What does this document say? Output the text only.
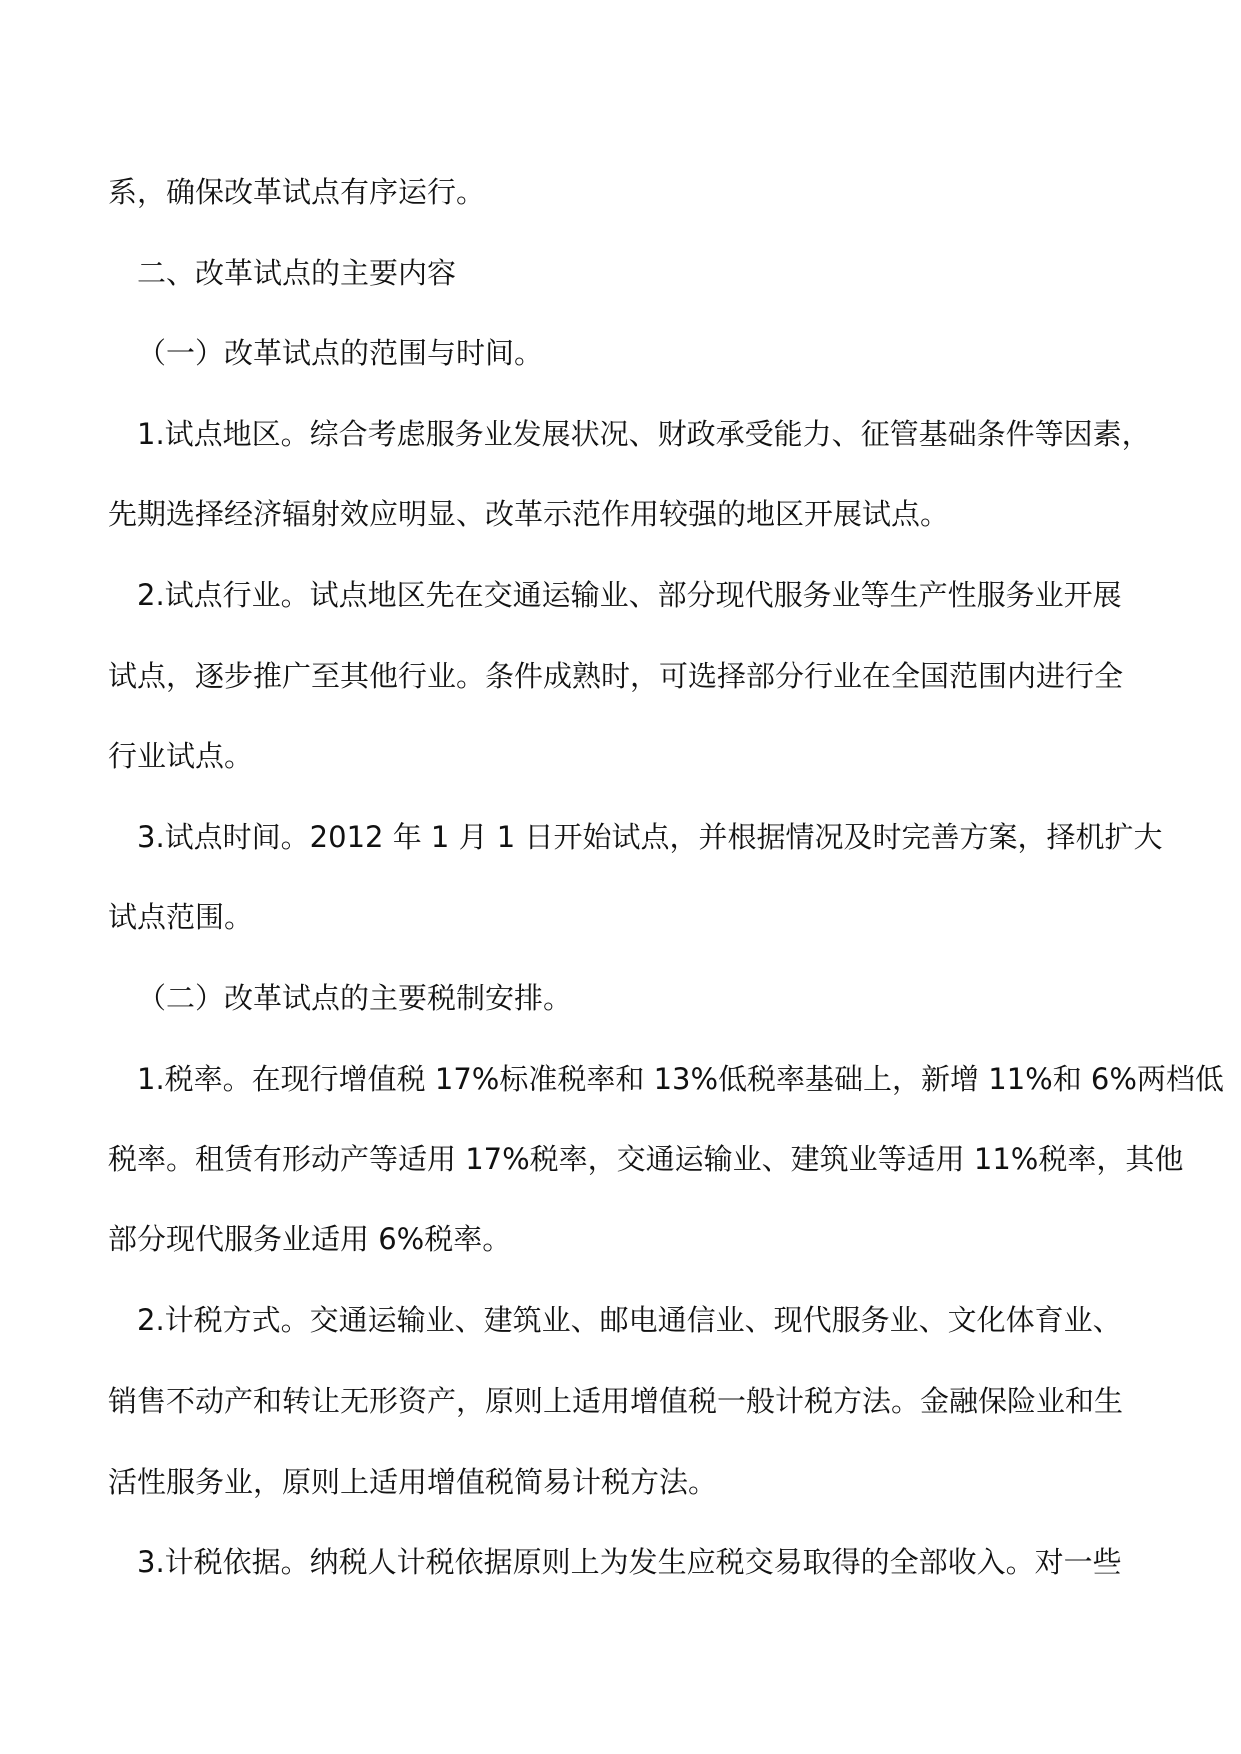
系，确保改革试点有序运行。
二、改革试点的主要内容
（一）改革试点的范围与时间。
1.试点地区。综合考虑服务业发展状况、财政承受能力、征管基础条件等因素，
先期选择经济辐射效应明显、改革示范作用较强的地区开展试点。
2.试点行业。试点地区先在交通运输业、部分现代服务业等生产性服务业开展
试点，逐步推广至其他行业。条件成熟时，可选择部分行业在全国范围内进行全
行业试点。
3.试点时间。2012 年 1 月 1 日开始试点，并根据情况及时完善方案，择机扩大
试点范围。
（二）改革试点的主要税制安排。
1.税率。在现行增值税 17%标准税率和 13%低税率基础上，新增 11%和 6%两档低
税率。租赁有形动产等适用 17%税率，交通运输业、建筑业等适用 11%税率，其他
部分现代服务业适用 6%税率。
2.计税方式。交通运输业、建筑业、邮电通信业、现代服务业、文化体育业、
销售不动产和转让无形资产，原则上适用增值税一般计税方法。金融保险业和生
活性服务业，原则上适用增值税简易计税方法。
3.计税依据。纳税人计税依据原则上为发生应税交易取得的全部收入。对一些
